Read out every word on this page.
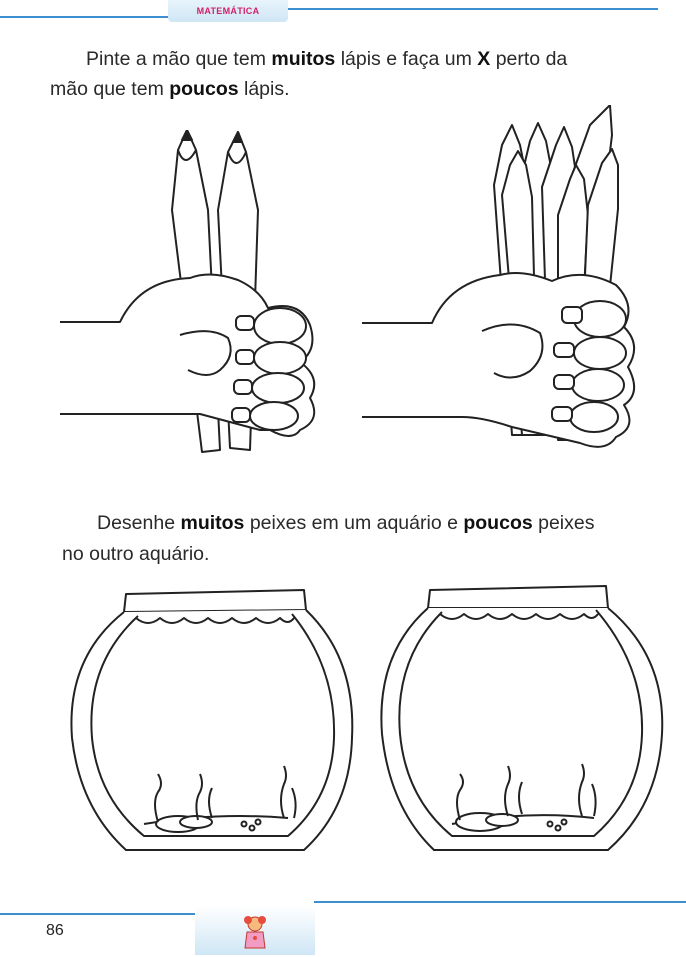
MATEMÁTICA

Pinte a mão que tem muitos lápis e faça um X perto da

mão que tem poucos lápis.

Desenhe muitos peixes em um aquário e poucos peixes

no outro aquário.

86
